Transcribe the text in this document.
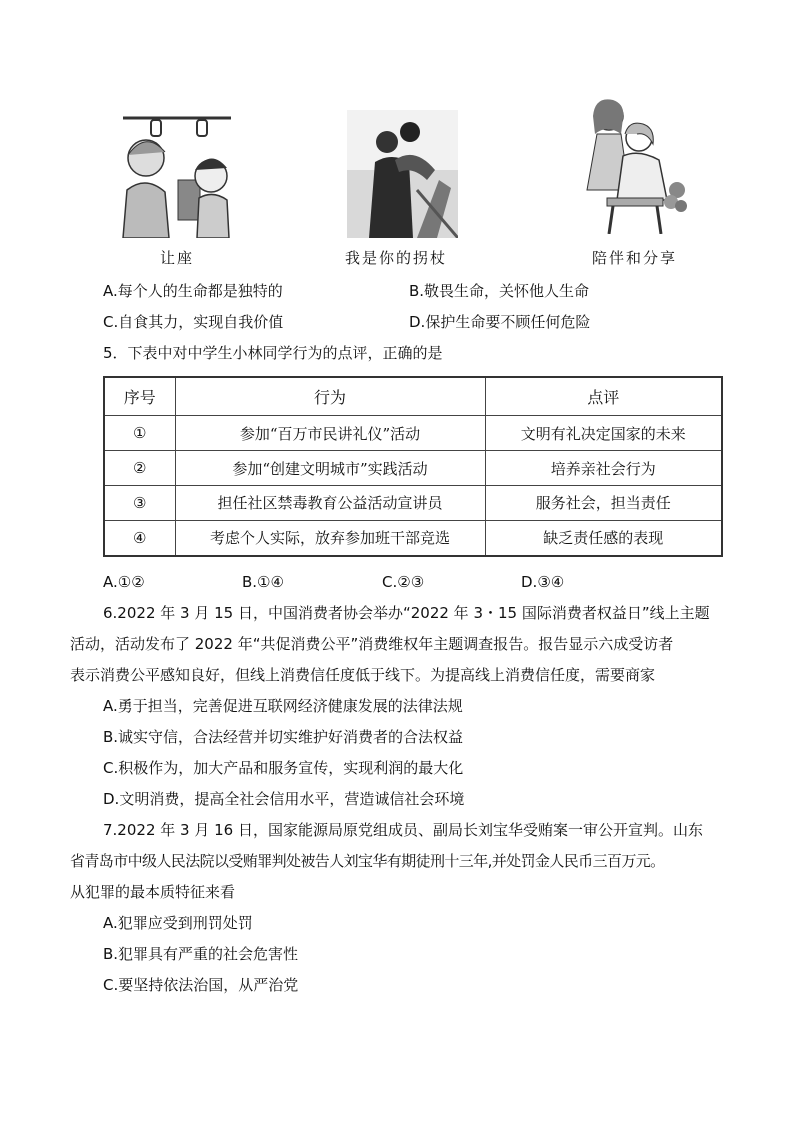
让座	我是你的拐杖	陪伴和分享
A.每个人的生命都是独特的	B.敬畏生命，关怀他人生命
C.自食其力，实现自我价值	D.保护生命要不顾任何危险
5．下表中对中学生小林同学行为的点评，正确的是
序号	行为	点评
①	参加“百万市民讲礼仪”活动	文明有礼决定国家的未来
②	参加“创建文明城市”实践活动	培养亲社会行为
③	担任社区禁毒教育公益活动宣讲员	服务社会，担当责任
④	考虑个人实际，放弃参加班干部竞选	缺乏责任感的表现
A.①②	B.①④	C.②③	D.③④
6.2022 年 3 月 15 日，中国消费者协会举办“2022 年 3・15 国际消费者权益日”线上主题
活动，活动发布了 2022 年“共促消费公平”消费维权年主题调查报告。报告显示六成受访者
表示消费公平感知良好，但线上消费信任度低于线下。为提高线上消费信任度，需要商家
A.勇于担当，完善促进互联网经济健康发展的法律法规
B.诚实守信，合法经营并切实维护好消费者的合法权益
C.积极作为，加大产品和服务宣传，实现利润的最大化
D.文明消费，提高全社会信用水平，营造诚信社会环境
7.2022 年 3 月 16 日，国家能源局原党组成员、副局长刘宝华受贿案一审公开宣判。山东
省青岛市中级人民法院以受贿罪判处被告人刘宝华有期徒刑十三年,并处罚金人民币三百万元。
从犯罪的最本质特征来看
A.犯罪应受到刑罚处罚
B.犯罪具有严重的社会危害性
C.要坚持依法治国，从严治党
